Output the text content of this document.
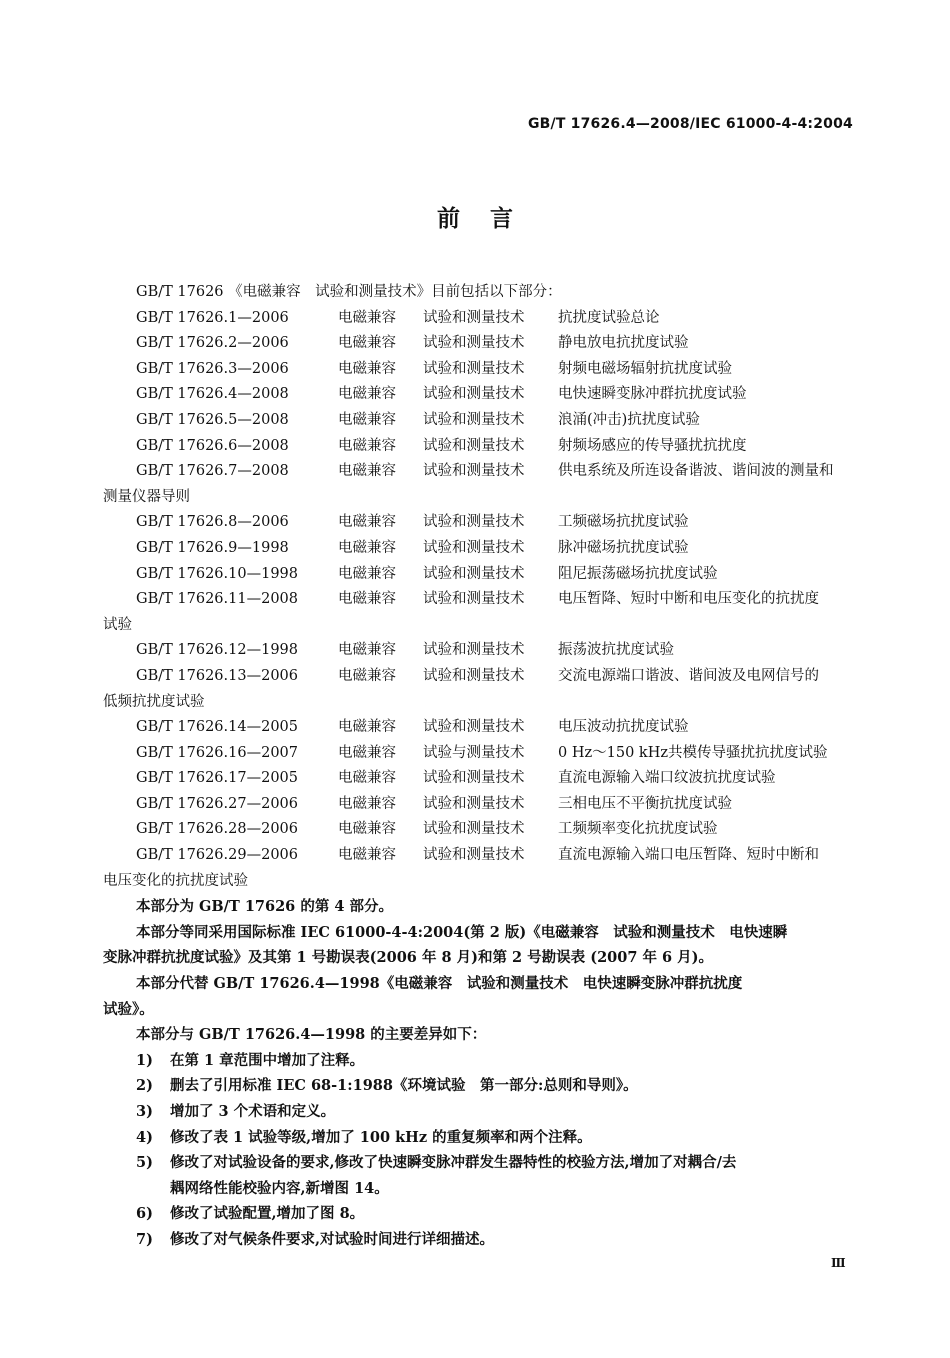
GB/T 17626.4—2008/IEC 61000-4-4:2004
前言
GB/T 17626 《电磁兼容　试验和测量技术》目前包括以下部分：
GB/T 17626.1—2006	电磁兼容 试验和测量技术 抗扰度试验总论
GB/T 17626.2—2006	电磁兼容 试验和测量技术 静电放电抗扰度试验
GB/T 17626.3—2006	电磁兼容 试验和测量技术 射频电磁场辐射抗扰度试验
GB/T 17626.4—2008	电磁兼容 试验和测量技术 电快速瞬变脉冲群抗扰度试验
GB/T 17626.5—2008	电磁兼容 试验和测量技术 浪涌(冲击)抗扰度试验
GB/T 17626.6—2008	电磁兼容 试验和测量技术 射频场感应的传导骚扰抗扰度
GB/T 17626.7—2008	电磁兼容 试验和测量技术 供电系统及所连设备谐波、谐间波的测量和
测量仪器导则
GB/T 17626.8—2006	电磁兼容 试验和测量技术 工频磁场抗扰度试验
GB/T 17626.9—1998	电磁兼容 试验和测量技术 脉冲磁场抗扰度试验
GB/T 17626.10—1998	电磁兼容 试验和测量技术 阻尼振荡磁场抗扰度试验
GB/T 17626.11—2008	电磁兼容 试验和测量技术 电压暂降、短时中断和电压变化的抗扰度
试验
GB/T 17626.12—1998	电磁兼容 试验和测量技术 振荡波抗扰度试验
GB/T 17626.13—2006	电磁兼容 试验和测量技术 交流电源端口谐波、谐间波及电网信号的
低频抗扰度试验
GB/T 17626.14—2005	电磁兼容 试验和测量技术 电压波动抗扰度试验
GB/T 17626.16—2007	电磁兼容 试验与测量技术 0 Hz～150 kHz共模传导骚扰抗扰度试验
GB/T 17626.17—2005	电磁兼容 试验和测量技术 直流电源输入端口纹波抗扰度试验
GB/T 17626.27—2006	电磁兼容 试验和测量技术 三相电压不平衡抗扰度试验
GB/T 17626.28—2006	电磁兼容 试验和测量技术 工频频率变化抗扰度试验
GB/T 17626.29—2006	电磁兼容 试验和测量技术 直流电源输入端口电压暂降、短时中断和
电压变化的抗扰度试验
本部分为 GB/T 17626 的第 4 部分。
本部分等同采用国际标准 IEC 61000-4-4:2004(第 2 版)《电磁兼容　试验和测量技术　电快速瞬
变脉冲群抗扰度试验》及其第 1 号勘误表(2006 年 8 月)和第 2 号勘误表 (2007 年 6 月)。
本部分代替 GB/T 17626.4—1998《电磁兼容　试验和测量技术　电快速瞬变脉冲群抗扰度
试验》。
本部分与 GB/T 17626.4—1998 的主要差异如下：
1) 在第 1 章范围中增加了注释。
2) 删去了引用标准 IEC 68-1:1988《环境试验　第一部分:总则和导则》。
3) 增加了 3 个术语和定义。
4) 修改了表 1 试验等级,增加了 100 kHz 的重复频率和两个注释。
5) 修改了对试验设备的要求,修改了快速瞬变脉冲群发生器特性的校验方法,增加了对耦合/去
耦网络性能校验内容,新增图 14。
6) 修改了试验配置,增加了图 8。
7) 修改了对气候条件要求,对试验时间进行详细描述。
Ⅲ
